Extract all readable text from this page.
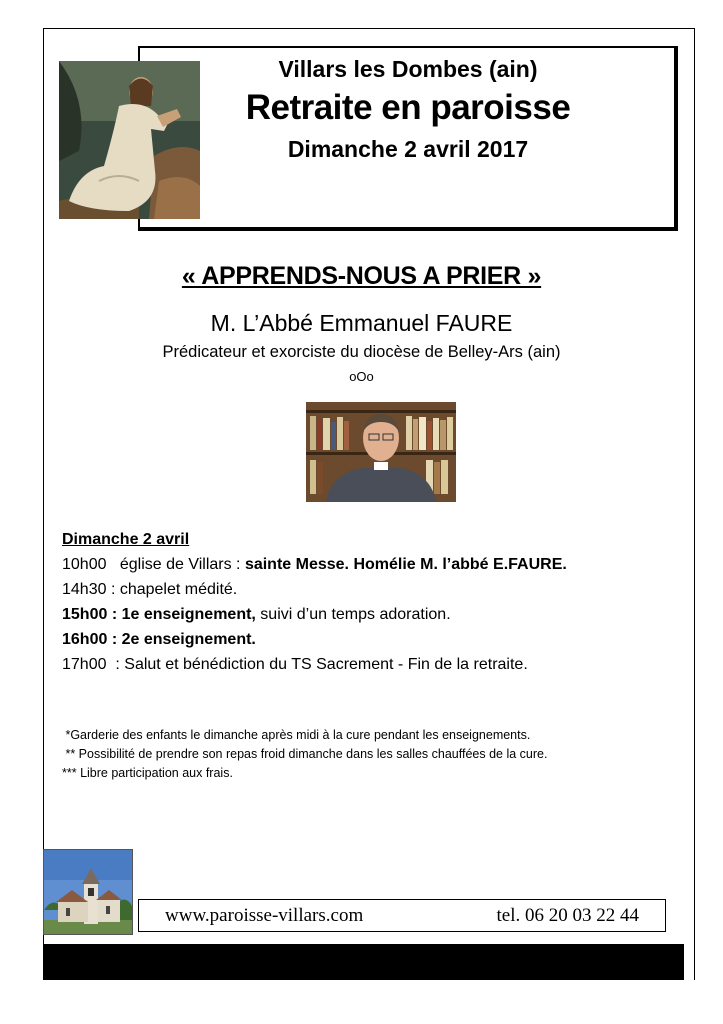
Villars les Dombes (ain)
Retraite en paroisse
Dimanche 2 avril 2017
« APPRENDS-NOUS A PRIER »
M. L’Abbé Emmanuel FAURE
Prédicateur et exorciste du diocèse de Belley-Ars (ain)
oOo
Dimanche 2 avril
10h00   église de Villars : sainte Messe. Homélie M. l’abbé E.FAURE.
14h30 : chapelet médité.
15h00 : 1e enseignement, suivi d’un temps adoration.
16h00 : 2e enseignement.
17h00  : Salut et bénédiction du TS Sacrement - Fin de la retraite.
*Garderie des enfants le dimanche après midi à la cure pendant les enseignements.
** Possibilité de prendre son repas froid dimanche dans les salles chauffées de la cure.
*** Libre participation aux frais.
www.paroisse-villars.com	tel. 06 20 03 22 44
